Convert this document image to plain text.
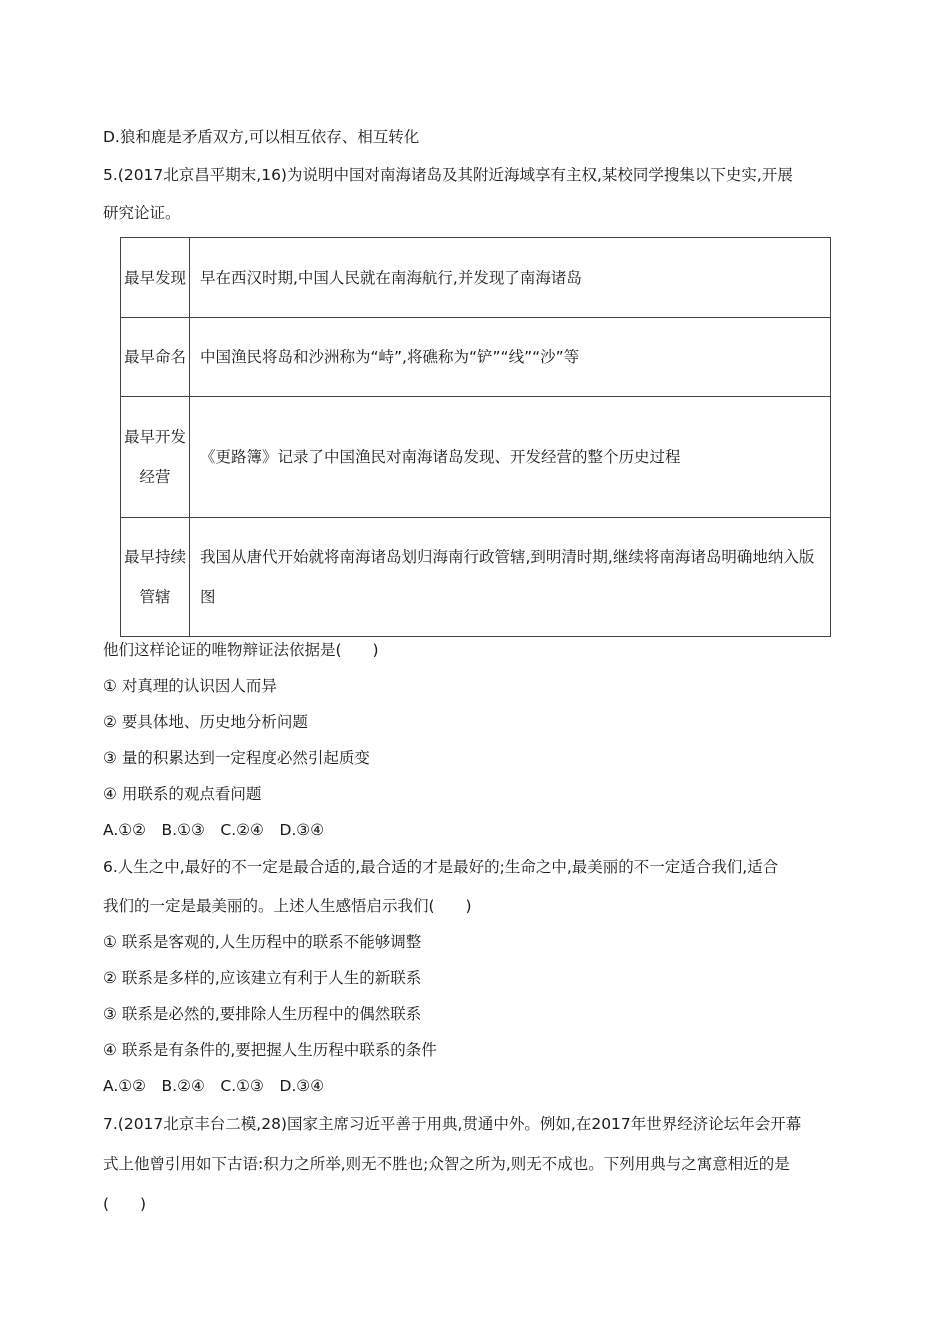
D.狼和鹿是矛盾双方,可以相互依存、相互转化
5.(2017北京昌平期末,16)为说明中国对南海诸岛及其附近海域享有主权,某校同学搜集以下史实,开展
研究论证。
最早发现	早在西汉时期,中国人民就在南海航行,并发现了南海诸岛
最早命名	中国渔民将岛和沙洲称为“峙”,将礁称为“铲”“线”“沙”等
最早开发经营	《更路簿》记录了中国渔民对南海诸岛发现、开发经营的整个历史过程
最早持续管辖	我国从唐代开始就将南海诸岛划归海南行政管辖,到明清时期,继续将南海诸岛明确地纳入版图
他们这样论证的唯物辩证法依据是(　　)
① 对真理的认识因人而异
② 要具体地、历史地分析问题
③ 量的积累达到一定程度必然引起质变
④ 用联系的观点看问题
A.①②　B.①③　C.②④　D.③④
6.人生之中,最好的不一定是最合适的,最合适的才是最好的;生命之中,最美丽的不一定适合我们,适合
我们的一定是最美丽的。上述人生感悟启示我们(　　)
① 联系是客观的,人生历程中的联系不能够调整
② 联系是多样的,应该建立有利于人生的新联系
③ 联系是必然的,要排除人生历程中的偶然联系
④ 联系是有条件的,要把握人生历程中联系的条件
A.①②　B.②④　C.①③　D.③④
7.(2017北京丰台二模,28)国家主席习近平善于用典,贯通中外。例如,在2017年世界经济论坛年会开幕
式上他曾引用如下古语:积力之所举,则无不胜也;众智之所为,则无不成也。下列用典与之寓意相近的是
(　　)
